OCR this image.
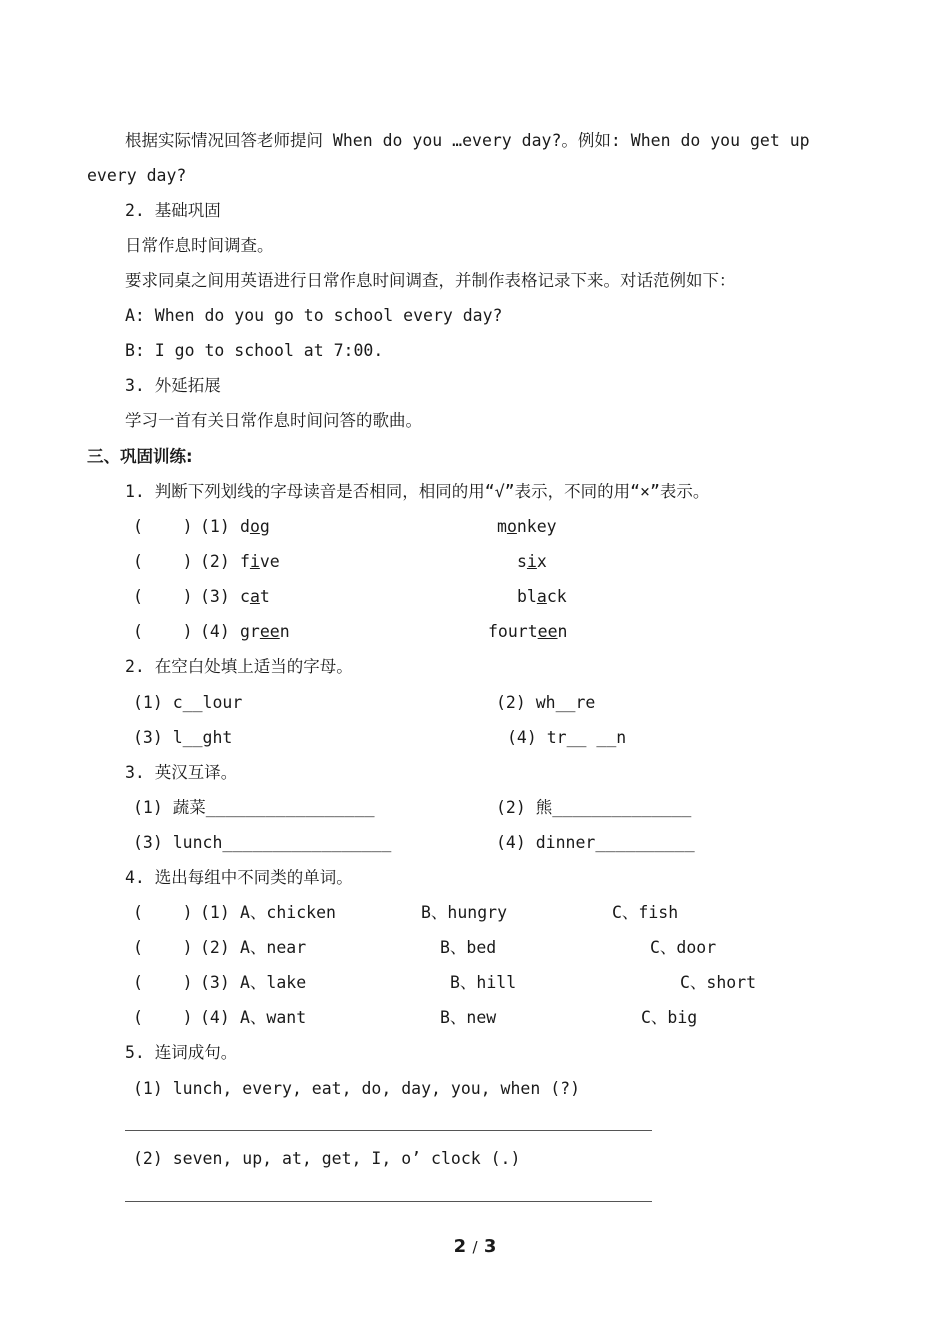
根据实际情况回答老师提问 When do you …every day?。例如: When do you get up
every day?
2. 基础巩固
日常作息时间调查。
要求同桌之间用英语进行日常作息时间调查，并制作表格记录下来。对话范例如下：
A: When do you go to school every day?
B: I go to school at 7:00.
3. 外延拓展
学习一首有关日常作息时间问答的歌曲。
三、巩固训练:
1. 判断下列划线的字母读音是否相同，相同的用“√”表示，不同的用“×”表示。
(    ) (1) dog	monkey
(    ) (2) five	six
(    ) (3) cat	black
(    ) (4) green	fourteen
2. 在空白处填上适当的字母。
(1) c__lour	(2) wh__re
(3) l__ght	(4) tr__ __n
3. 英汉互译。
(1) 蔬菜_________________	(2) 熊______________
(3) lunch_________________	(4) dinner__________
4. 选出每组中不同类的单词。
(    ) (1) A、chicken	B、hungry	C、fish
(    ) (2) A、near	B、bed	C、door
(    ) (3) A、lake	B、hill	C、short
(    ) (4) A、want	B、new	C、big
5. 连词成句。
(1) lunch, every, eat, do, day, you, when (?)
(2) seven, up, at, get, I, o’ clock (.)
2 / 3
